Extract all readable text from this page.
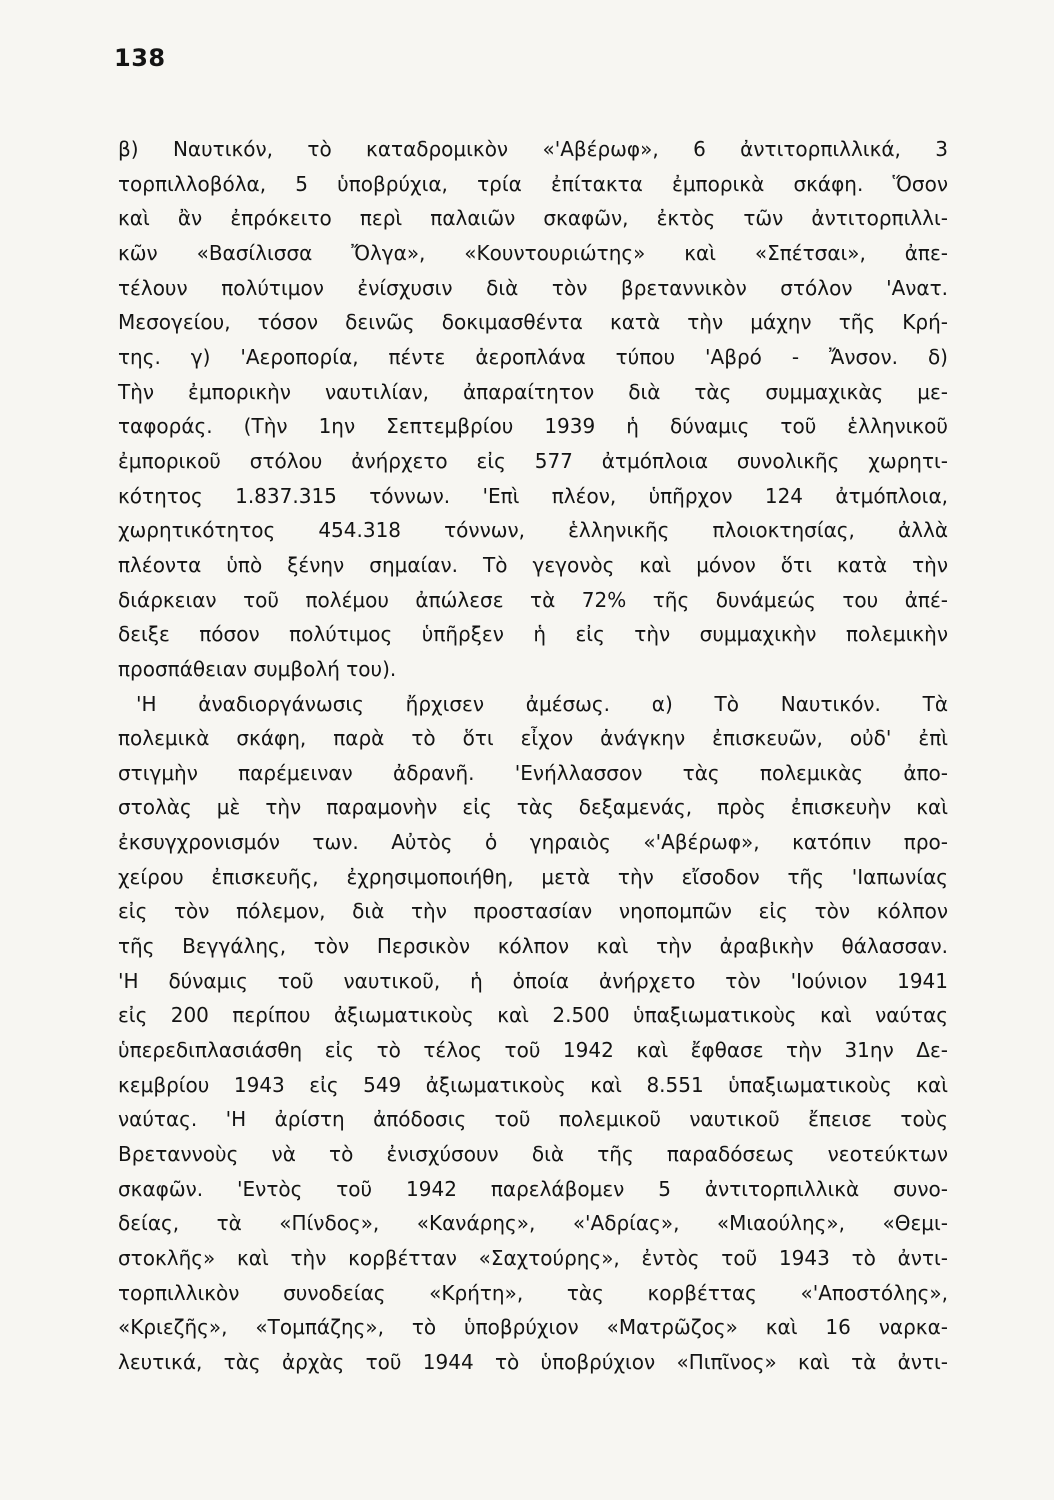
138
β) Ναυτικόν, τὸ καταδρομικὸν «'Αβέρωφ», 6 ἀντιτορπιλλικά, 3
τορπιλλοβόλα, 5 ὑποβρύχια, τρία ἐπίτακτα ἐμπορικὰ σκάφη. Ὅσον
καὶ ἂν ἐπρόκειτο περὶ παλαιῶν σκαφῶν, ἐκτὸς τῶν ἀντιτορπιλλι-
κῶν «Βασίλισσα Ὄλγα», «Κουντουριώτης» καὶ «Σπέτσαι», ἀπε-
τέλουν πολύτιμον ἐνίσχυσιν διὰ τὸν βρεταννικὸν στόλον 'Ανατ.
Μεσογείου, τόσον δεινῶς δοκιμασθέντα κατὰ τὴν μάχην τῆς Κρή-
της. γ) 'Αεροπορία, πέντε ἀεροπλάνα τύπου 'Αβρό - Ἄνσον. δ)
Τὴν ἐμπορικὴν ναυτιλίαν, ἀπαραίτητον διὰ τὰς συμμαχικὰς με-
ταφοράς. (Τὴν 1ην Σεπτεμβρίου 1939 ἡ δύναμις τοῦ ἑλληνικοῦ
ἐμπορικοῦ στόλου ἀνήρχετο εἰς 577 ἀτμόπλοια συνολικῆς χωρητι-
κότητος 1.837.315 τόννων. 'Επὶ πλέον, ὑπῆρχον 124 ἀτμόπλοια,
χωρητικότητος 454.318 τόννων, ἑλληνικῆς πλοιοκτησίας, ἀλλὰ
πλέοντα ὑπὸ ξένην σημαίαν. Τὸ γεγονὸς καὶ μόνον ὅτι κατὰ τὴν
διάρκειαν τοῦ πολέμου ἀπώλεσε τὰ 72% τῆς δυνάμεώς του ἀπέ-
δειξε πόσον πολύτιμος ὑπῆρξεν ἡ εἰς τὴν συμμαχικὴν πολεμικὴν
προσπάθειαν συμβολή του).
'Η ἀναδιοργάνωσις ἤρχισεν ἀμέσως. α) Τὸ Ναυτικόν. Τὰ
πολεμικὰ σκάφη, παρὰ τὸ ὅτι εἶχον ἀνάγκην ἐπισκευῶν, οὐδ' ἐπὶ
στιγμὴν παρέμειναν ἀδρανῆ. 'Ενήλλασσον τὰς πολεμικὰς ἀπο-
στολὰς μὲ τὴν παραμονὴν εἰς τὰς δεξαμενάς, πρὸς ἐπισκευὴν καὶ
ἐκσυγχρονισμόν των. Αὐτὸς ὁ γηραιὸς «'Αβέρωφ», κατόπιν προ-
χείρου ἐπισκευῆς, ἐχρησιμοποιήθη, μετὰ τὴν εἴσοδον τῆς 'Ιαπωνίας
εἰς τὸν πόλεμον, διὰ τὴν προστασίαν νηοπομπῶν εἰς τὸν κόλπον
τῆς Βεγγάλης, τὸν Περσικὸν κόλπον καὶ τὴν ἀραβικὴν θάλασσαν.
'Η δύναμις τοῦ ναυτικοῦ, ἡ ὁποία ἀνήρχετο τὸν 'Ιούνιον 1941
εἰς 200 περίπου ἀξιωματικοὺς καὶ 2.500 ὑπαξιωματικοὺς καὶ ναύτας
ὑπερεδιπλασιάσθη εἰς τὸ τέλος τοῦ 1942 καὶ ἔφθασε τὴν 31ην Δε-
κεμβρίου 1943 εἰς 549 ἀξιωματικοὺς καὶ 8.551 ὑπαξιωματικοὺς καὶ
ναύτας. 'Η ἀρίστη ἀπόδοσις τοῦ πολεμικοῦ ναυτικοῦ ἔπεισε τοὺς
Βρεταννοὺς νὰ τὸ ἐνισχύσουν διὰ τῆς παραδόσεως νεοτεύκτων
σκαφῶν. 'Εντὸς τοῦ 1942 παρελάβομεν 5 ἀντιτορπιλλικὰ συνο-
δείας, τὰ «Πίνδος», «Κανάρης», «'Αδρίας», «Μιαούλης», «Θεμι-
στοκλῆς» καὶ τὴν κορβέτταν «Σαχτούρης», ἐντὸς τοῦ 1943 τὸ ἀντι-
τορπιλλικὸν συνοδείας «Κρήτη», τὰς κορβέττας «'Αποστόλης»,
«Κριεζῆς», «Τομπάζης», τὸ ὑποβρύχιον «Ματρῶζος» καὶ 16 ναρκα-
λευτικά, τὰς ἀρχὰς τοῦ 1944 τὸ ὑποβρύχιον «Πιπῖνος» καὶ τὰ ἀντι-
